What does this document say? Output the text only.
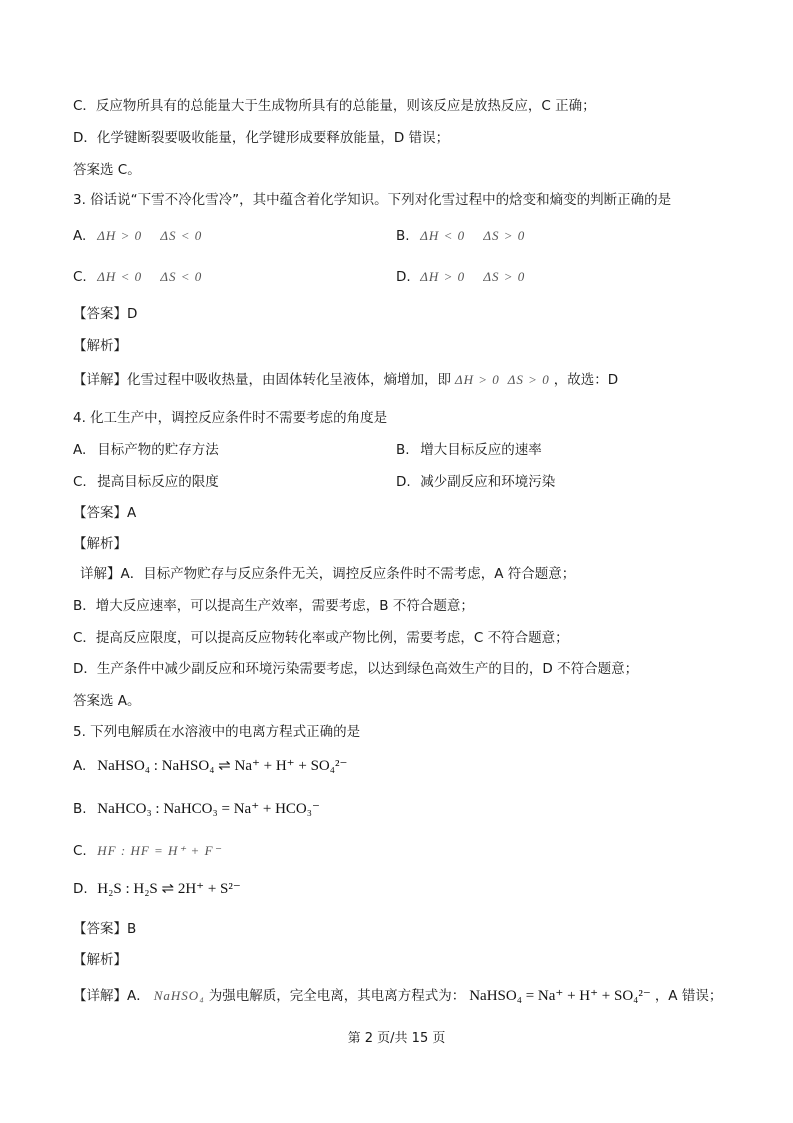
C．反应物所具有的总能量大于生成物所具有的总能量，则该反应是放热反应，C 正确；
D．化学键断裂要吸收能量，化学键形成要释放能量，D 错误；
答案选 C。
3. 俗话说“下雪不冷化雪冷”，其中蕴含着化学知识。下列对化雪过程中的焓变和熵变的判断正确的是
A. ΔH > 0 ΔS < 0	B. ΔH < 0 ΔS > 0
C. ΔH < 0 ΔS < 0	D. ΔH > 0 ΔS > 0
【答案】D
【解析】
【详解】化雪过程中吸收热量，由固体转化呈液体，熵增加，即 ΔH > 0 ΔS > 0 ，故选：D
4. 化工生产中，调控反应条件时不需要考虑的角度是
A. 目标产物的贮存方法	B. 增大目标反应的速率
C. 提高目标反应的限度	D. 减少副反应和环境污染
【答案】A
【解析】
详解】A．目标产物贮存与反应条件无关，调控反应条件时不需考虑，A 符合题意；
B．增大反应速率，可以提高生产效率，需要考虑，B 不符合题意；
C．提高反应限度，可以提高反应物转化率或产物比例，需要考虑，C 不符合题意；
D．生产条件中减少副反应和环境污染需要考虑，以达到绿色高效生产的目的，D 不符合题意；
答案选 A。
5. 下列电解质在水溶液中的电离方程式正确的是
A. NaHSO₄ : NaHSO₄ ⇌ Na⁺ + H⁺ + SO₄²⁻
B. NaHCO₃ : NaHCO₃ = Na⁺ + HCO₃⁻
C. HF : HF = H⁺ + F⁻
D. H₂S : H₂S ⇌ 2H⁺ + S²⁻
【答案】B
【解析】
【详解】A． NaHSO₄ 为强电解质，完全电离，其电离方程式为： NaHSO₄ = Na⁺ + H⁺ + SO₄²⁻ ，A 错误；
第 2 页/共 15 页
